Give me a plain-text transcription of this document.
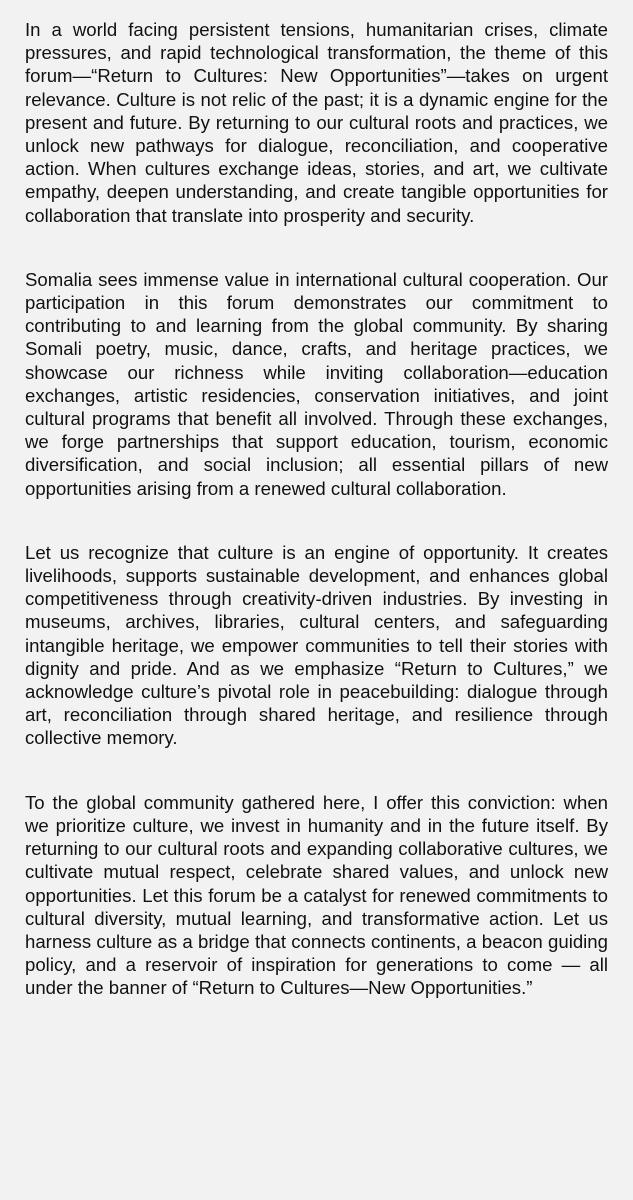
In a world facing persistent tensions, humanitarian crises, climate pressures, and rapid technological transformation, the theme of this forum—“Return to Cultures: New Opportunities”—takes on urgent relevance. Culture is not relic of the past; it is a dynamic engine for the present and future. By returning to our cultural roots and practices, we unlock new pathways for dialogue, reconciliation, and cooperative action. When cultures exchange ideas, stories, and art, we cultivate empathy, deepen understanding, and create tangible opportunities for collaboration that translate into prosperity and security.

Somalia sees immense value in international cultural cooperation. Our participation in this forum demonstrates our commitment to contributing to and learning from the global community. By sharing Somali poetry, music, dance, crafts, and heritage practices, we showcase our richness while inviting collaboration—education exchanges, artistic residencies, conservation initiatives, and joint cultural programs that benefit all involved. Through these exchanges, we forge partnerships that support education, tourism, economic diversification, and social inclusion; all essential pillars of new opportunities arising from a renewed cultural collaboration.

Let us recognize that culture is an engine of opportunity. It creates livelihoods, supports sustainable development, and enhances global competitiveness through creativity-driven industries. By investing in museums, archives, libraries, cultural centers, and safeguarding intangible heritage, we empower communities to tell their stories with dignity and pride. And as we emphasize “Return to Cultures,” we acknowledge culture’s pivotal role in peacebuilding: dialogue through art, reconciliation through shared heritage, and resilience through collective memory.

To the global community gathered here, I offer this conviction: when we prioritize culture, we invest in humanity and in the future itself. By returning to our cultural roots and expanding collaborative cultures, we cultivate mutual respect, celebrate shared values, and unlock new opportunities. Let this forum be a catalyst for renewed commitments to cultural diversity, mutual learning, and transformative action. Let us harness culture as a bridge that connects continents, a beacon guiding policy, and a reservoir of inspiration for generations to come — all under the banner of “Return to Cultures—New Opportunities.”
